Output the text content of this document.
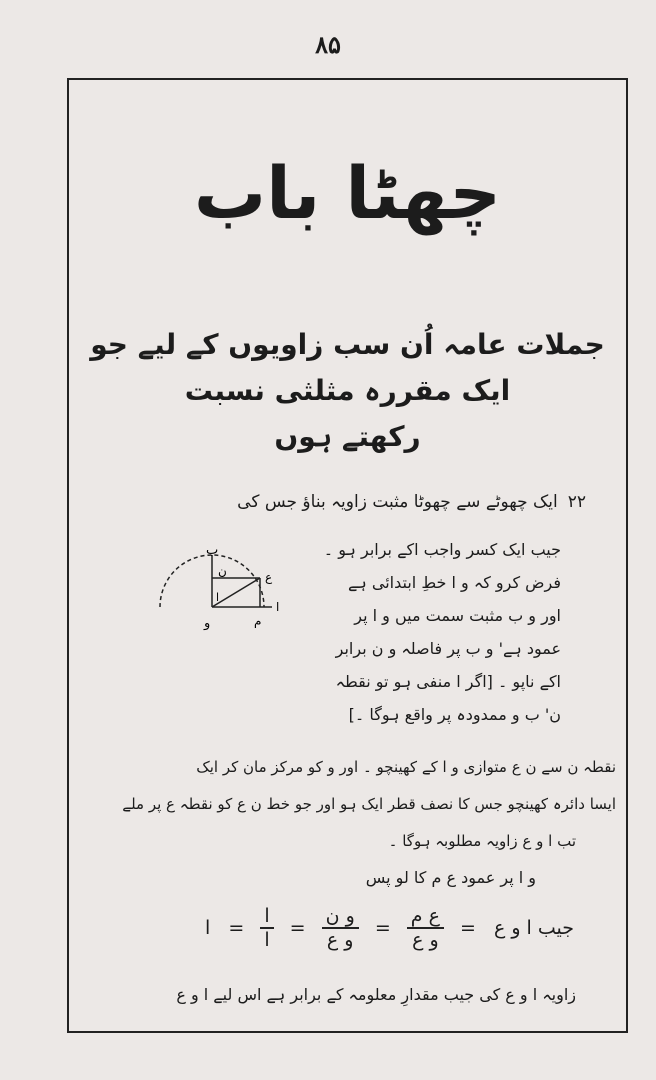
۸۵
چھٹا باب
جملات عامہ اُن سب زاویوں کے لیے جو ایک مقررہ مثلثی نسبت
رکھتے ہوں
۲۲ایک چھوٹے سے چھوٹا مثبت زاویہ بناؤ جس کی
جیب ایک کسر واجب اکے برابر ہو ۔
فرض کرو کہ و ا خطِ ابتدائی ہے
اور و ب مثبت سمت میں و ا پر
عمود ہے' و ب پر فاصلہ و ن برابر
اکے ناپو ۔ [اگر ا منفی ہو تو نقطہ
ن' ب و ممدودہ پر واقع ہوگا ۔]
نقطہ ن سے ن ع متوازی و ا کے کھینچو ۔ اور و کو مرکز مان کر ایک
ایسا دائرہ کھینچو جس کا نصف قطر ایک ہو اور جو خط ن ع کو نقطہ ع پر ملے
تب ا و ع زاویہ مطلوبہ ہوگا ۔
و ا پر عمود ع م کا لو پس
ب
ن	ع
و	م
ا
ا
جیب ا و ع =
$\frac{\text{ع م}}{\text{و ع}}$
=
$\frac{\text{و ن}}{\text{و ع}}$
=
$\frac{\text{ا}}{\text{ا}}$
= ا
زاویہ ا و ع کی جیب مقدارِ معلومہ کے برابر ہے اس لیے ا و ع
